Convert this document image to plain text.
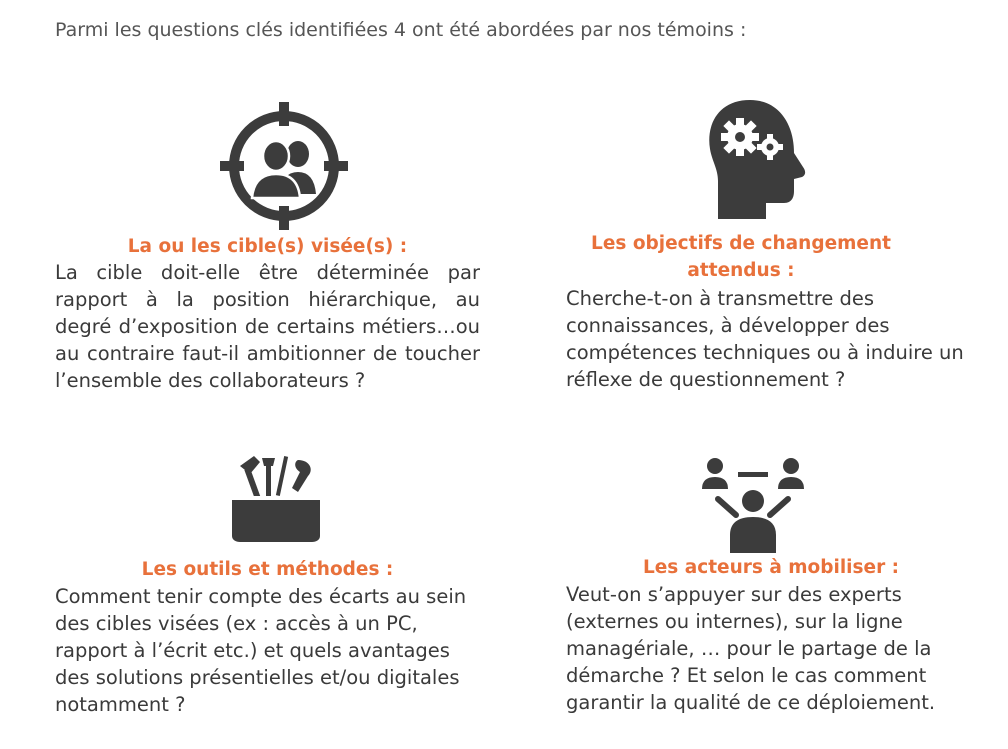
Parmi les questions clés identifiées 4 ont été abordées par nos témoins :
La ou les cible(s) visée(s) :	Les objectifs de changement attendus :
Les outils et méthodes :	Les acteurs à mobiliser :
La cible doit-elle être déterminée par rapport à la position hiérarchique, au degré d’exposition de certains métiers…ou au contraire faut-il ambitionner de toucher l’ensemble des collaborateurs ?
Cherche-t-on à transmettre des connaissances, à développer des compétences techniques ou à induire un réflexe de questionnement ?
Comment tenir compte des écarts au sein des cibles visées (ex : accès à un PC, rapport à l’écrit etc.) et quels avantages des solutions présentielles et/ou digitales notamment ?
Veut-on s’appuyer sur des experts (externes ou internes), sur la ligne managériale, … pour le partage de la démarche ? Et selon le cas comment garantir la qualité de ce déploiement.
